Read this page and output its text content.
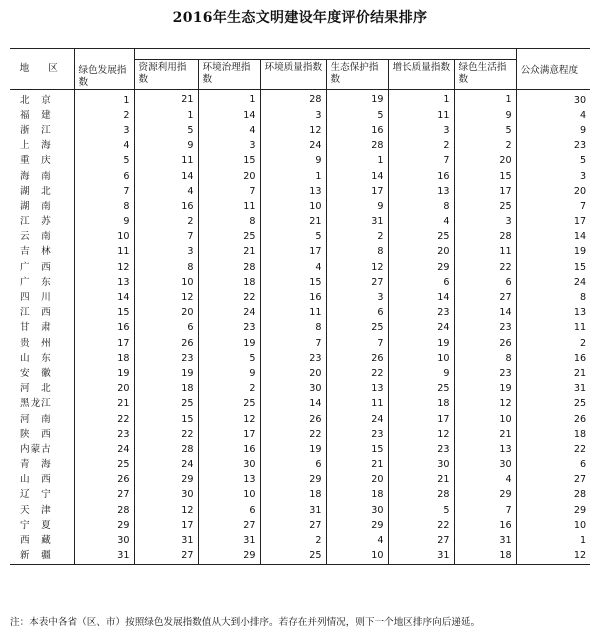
2016年生态文明建设年度评价结果排序
地 区	绿色发展指数							公众满意程度
		资源利用指数	环境治理指数	环境质量指数	生态保护指数	增长质量指数	绿色生活指数	

北　京	1	21	1	28	19	1	1	30
福　建	2	1	14	3	5	11	9	4
浙　江	3	5	4	12	16	3	5	9
上　海	4	9	3	24	28	2	2	23
重　庆	5	11	15	9	1	7	20	5
海　南	6	14	20	1	14	16	15	3
湖　北	7	4	7	13	17	13	17	20
湖　南	8	16	11	10	9	8	25	7
江　苏	9	2	8	21	31	4	3	17
云　南	10	7	25	5	2	25	28	14
吉　林	11	3	21	17	8	20	11	19
广　西	12	8	28	4	12	29	22	15
广　东	13	10	18	15	27	6	6	24
四　川	14	12	22	16	3	14	27	8
江　西	15	20	24	11	6	23	14	13
甘　肃	16	6	23	8	25	24	23	11
贵　州	17	26	19	7	7	19	26	2
山　东	18	23	5	23	26	10	8	16
安　徽	19	19	9	20	22	9	23	21
河　北	20	18	2	30	13	25	19	31
黑龙江	21	25	25	14	11	18	12	25
河　南	22	15	12	26	24	17	10	26
陕　西	23	22	17	22	23	12	21	18
内蒙古	24	28	16	19	15	23	13	22
青　海	25	24	30	6	21	30	30	6
山　西	26	29	13	29	20	21	4	27
辽　宁	27	30	10	18	18	28	29	28
天　津	28	12	6	31	30	5	7	29
宁　夏	29	17	27	27	29	22	16	10
西　藏	30	31	31	2	4	27	31	1
新　疆	31	27	29	25	10	31	18	12
注：本表中各省（区、市）按照绿色发展指数值从大到小排序。若存在并列情况，则下一个地区排序向后递延。
